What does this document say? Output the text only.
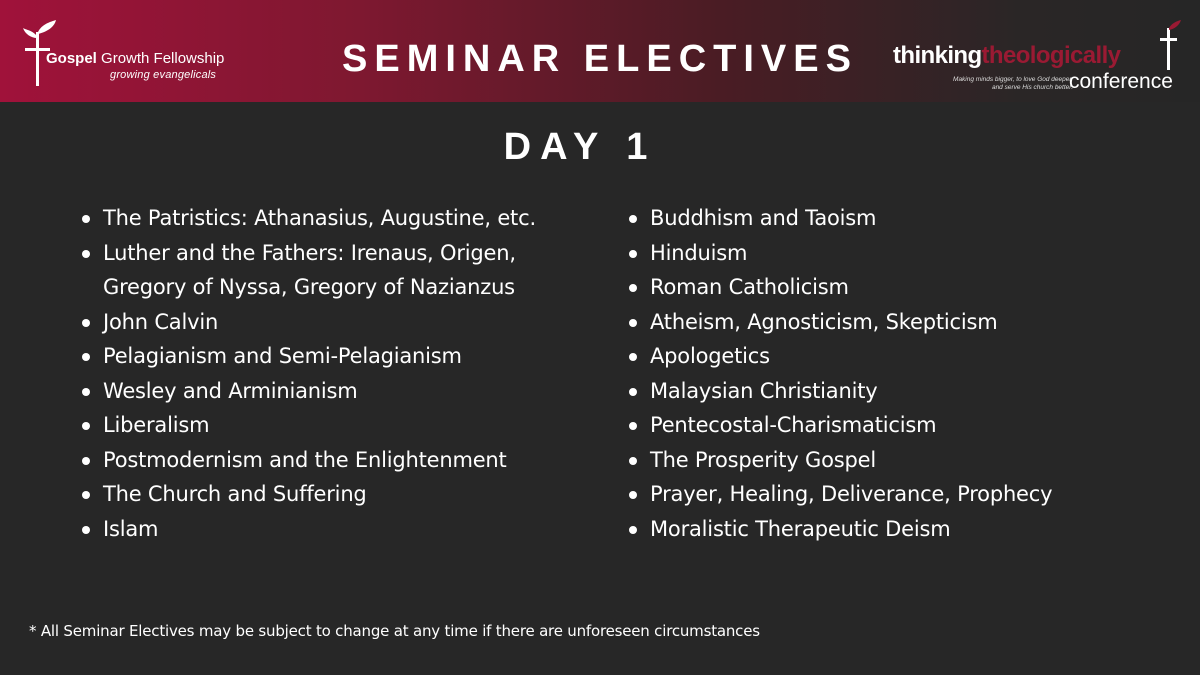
Gospel Growth Fellowship
growing evangelicals	SEMINAR ELECTIVES	thinkingtheologically
Making minds bigger, to love God deeper,
and serve His church better.
conference
DAY 1
The Patristics: Athanasius, Augustine, etc.
Luther and the Fathers: Irenaus, Origen, Gregory of Nyssa, Gregory of Nazianzus
John Calvin
Pelagianism and Semi-Pelagianism
Wesley and Arminianism
Liberalism
Postmodernism and the Enlightenment
The Church and Suffering
Islam
Buddhism and Taoism
Hinduism
Roman Catholicism
Atheism, Agnosticism, Skepticism
Apologetics
Malaysian Christianity
Pentecostal-Charismaticism
The Prosperity Gospel
Prayer, Healing, Deliverance, Prophecy
Moralistic Therapeutic Deism
* All Seminar Electives may be subject to change at any time if there are unforeseen circumstances
